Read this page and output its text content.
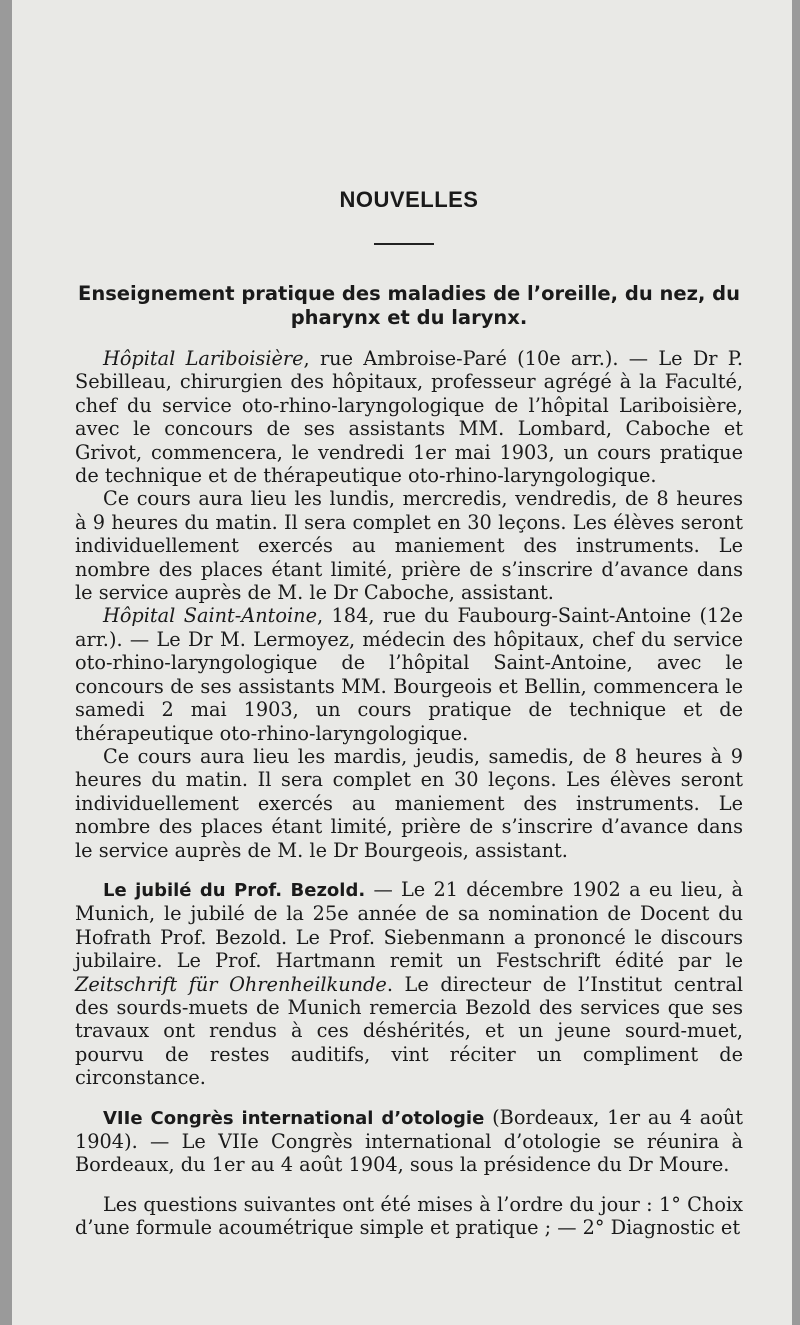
NOUVELLES
Enseignement pratique des maladies de l’oreille, du nez, du pharynx et du larynx.

Hôpital Lariboisière, rue Ambroise-Paré (10e arr.). — Le Dr P. Sebilleau, chirurgien des hôpitaux, professeur agrégé à la Faculté, chef du service oto-rhino-laryngologique de l’hôpital Lariboisière, avec le concours de ses assistants MM. Lombard, Caboche et Grivot, commencera, le vendredi 1er mai 1903, un cours pratique de technique et de thérapeutique oto-rhino-laryngologique.

Ce cours aura lieu les lundis, mercredis, vendredis, de 8 heures à 9 heures du matin. Il sera complet en 30 leçons. Les élèves seront individuellement exercés au maniement des instruments. Le nombre des places étant limité, prière de s’inscrire d’avance dans le service auprès de M. le Dr Caboche, assistant.

Hôpital Saint-Antoine, 184, rue du Faubourg-Saint-Antoine (12e arr.). — Le Dr M. Lermoyez, médecin des hôpitaux, chef du service oto-rhino-laryngologique de l’hôpital Saint-Antoine, avec le concours de ses assistants MM. Bourgeois et Bellin, commencera le samedi 2 mai 1903, un cours pratique de technique et de thérapeutique oto-rhino-laryngologique.

Ce cours aura lieu les mardis, jeudis, samedis, de 8 heures à 9 heures du matin. Il sera complet en 30 leçons. Les élèves seront individuellement exercés au maniement des instruments. Le nombre des places étant limité, prière de s’inscrire d’avance dans le service auprès de M. le Dr Bourgeois, assistant.

Le jubilé du Prof. Bezold. — Le 21 décembre 1902 a eu lieu, à Munich, le jubilé de la 25e année de sa nomination de Docent du Hofrath Prof. Bezold. Le Prof. Siebenmann a prononcé le discours jubilaire. Le Prof. Hartmann remit un Festschrift édité par le Zeitschrift für Ohrenheilkunde. Le directeur de l’Institut central des sourds-muets de Munich remercia Bezold des services que ses travaux ont rendus à ces déshérités, et un jeune sourd-muet, pourvu de restes auditifs, vint réciter un compliment de circonstance.

VIIe Congrès international d’otologie (Bordeaux, 1er au 4 août 1904). — Le VIIe Congrès international d’otologie se réunira à Bordeaux, du 1er au 4 août 1904, sous la présidence du Dr Moure.

Les questions suivantes ont été mises à l’ordre du jour : 1° Choix d’une formule acoumétrique simple et pratique ; — 2° Diagnostic et
